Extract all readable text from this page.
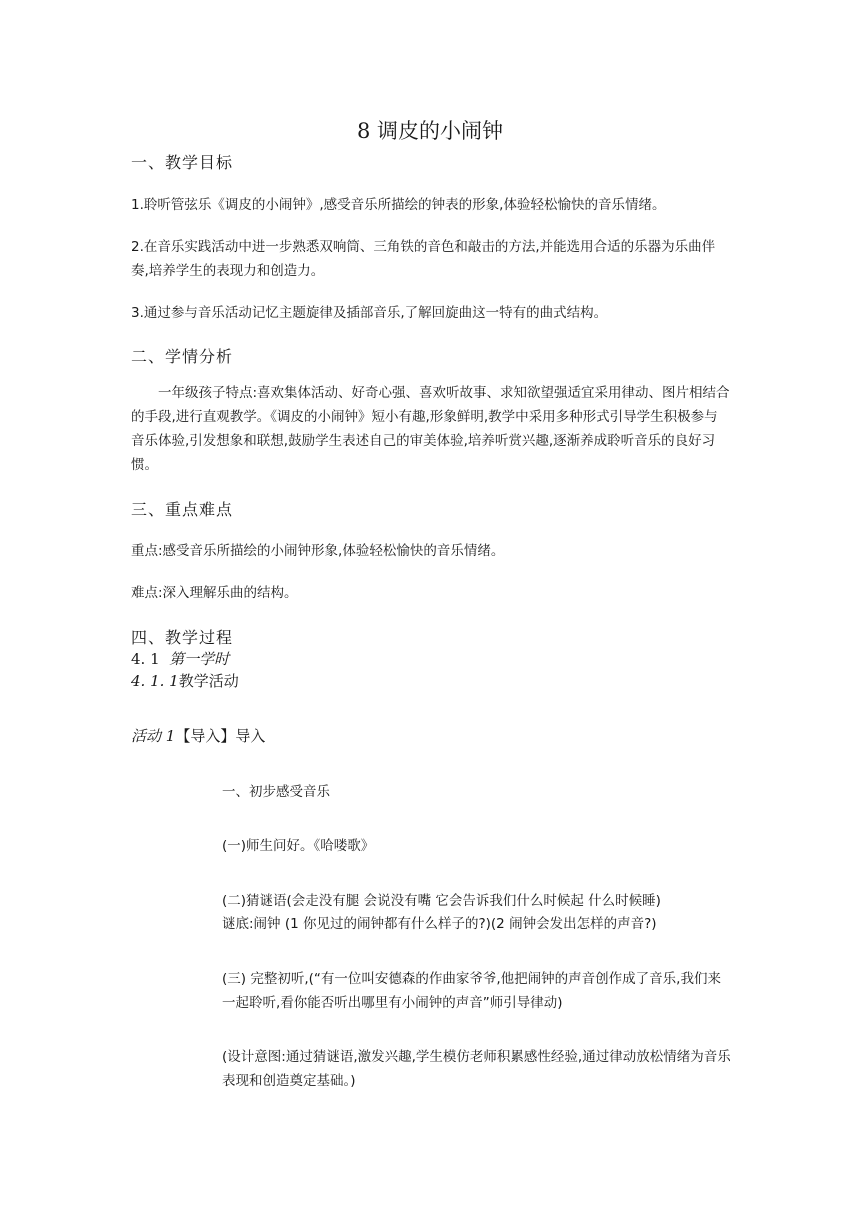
8 调皮的小闹钟
一、教学目标
1.聆听管弦乐《调皮的小闹钟》,感受音乐所描绘的钟表的形象,体验轻松愉快的音乐情绪。
2.在音乐实践活动中进一步熟悉双响筒、三角铁的音色和敲击的方法,并能选用合适的乐器为乐曲伴奏,培养学生的表现力和创造力。
3.通过参与音乐活动记忆主题旋律及插部音乐,了解回旋曲这一特有的曲式结构。
二、学情分析
一年级孩子特点:喜欢集体活动、好奇心强、喜欢听故事、求知欲望强适宜采用律动、图片相结合的手段,进行直观教学。《调皮的小闹钟》短小有趣,形象鲜明,教学中采用多种形式引导学生积极参与音乐体验,引发想象和联想,鼓励学生表述自己的审美体验,培养听赏兴趣,逐渐养成聆听音乐的良好习惯。
三、重点难点
重点:感受音乐所描绘的小闹钟形象,体验轻松愉快的音乐情绪。
难点:深入理解乐曲的结构。
四、教学过程
4. 1 第一学时
4. 1. 1教学活动
活动 1【导入】导入
一、初步感受音乐
(一)师生问好。《哈喽歌》
(二)猜谜语(会走没有腿 会说没有嘴 它会告诉我们什么时候起 什么时候睡)
谜底:闹钟 (1 你见过的闹钟都有什么样子的?)(2 闹钟会发出怎样的声音?)
(三) 完整初听,(“有一位叫安德森的作曲家爷爷,他把闹钟的声音创作成了音乐,我们来一起聆听,看你能否听出哪里有小闹钟的声音”师引导律动)
(设计意图:通过猜谜语,激发兴趣,学生模仿老师积累感性经验,通过律动放松情绪为音乐表现和创造奠定基础。)
